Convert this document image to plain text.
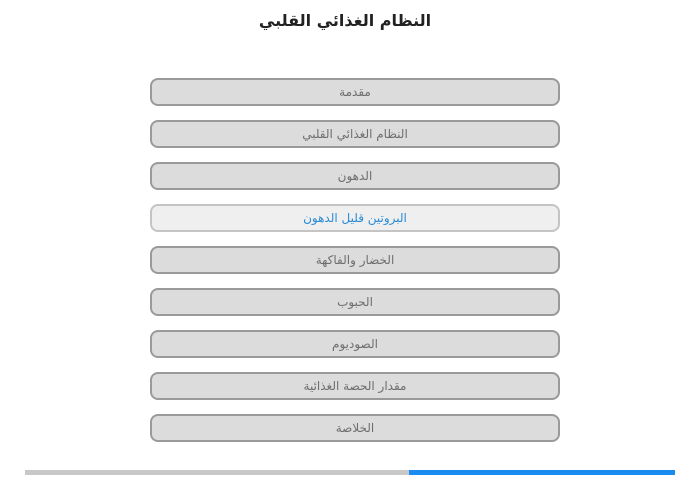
النظام الغذائي القلبي
مقدمة
النظام الغذائي القلبي
الدهون
البروتين قليل الدهون
الخضار والفاكهة
الحبوب
الصوديوم
مقدار الحصة الغذائية
الخلاصة
